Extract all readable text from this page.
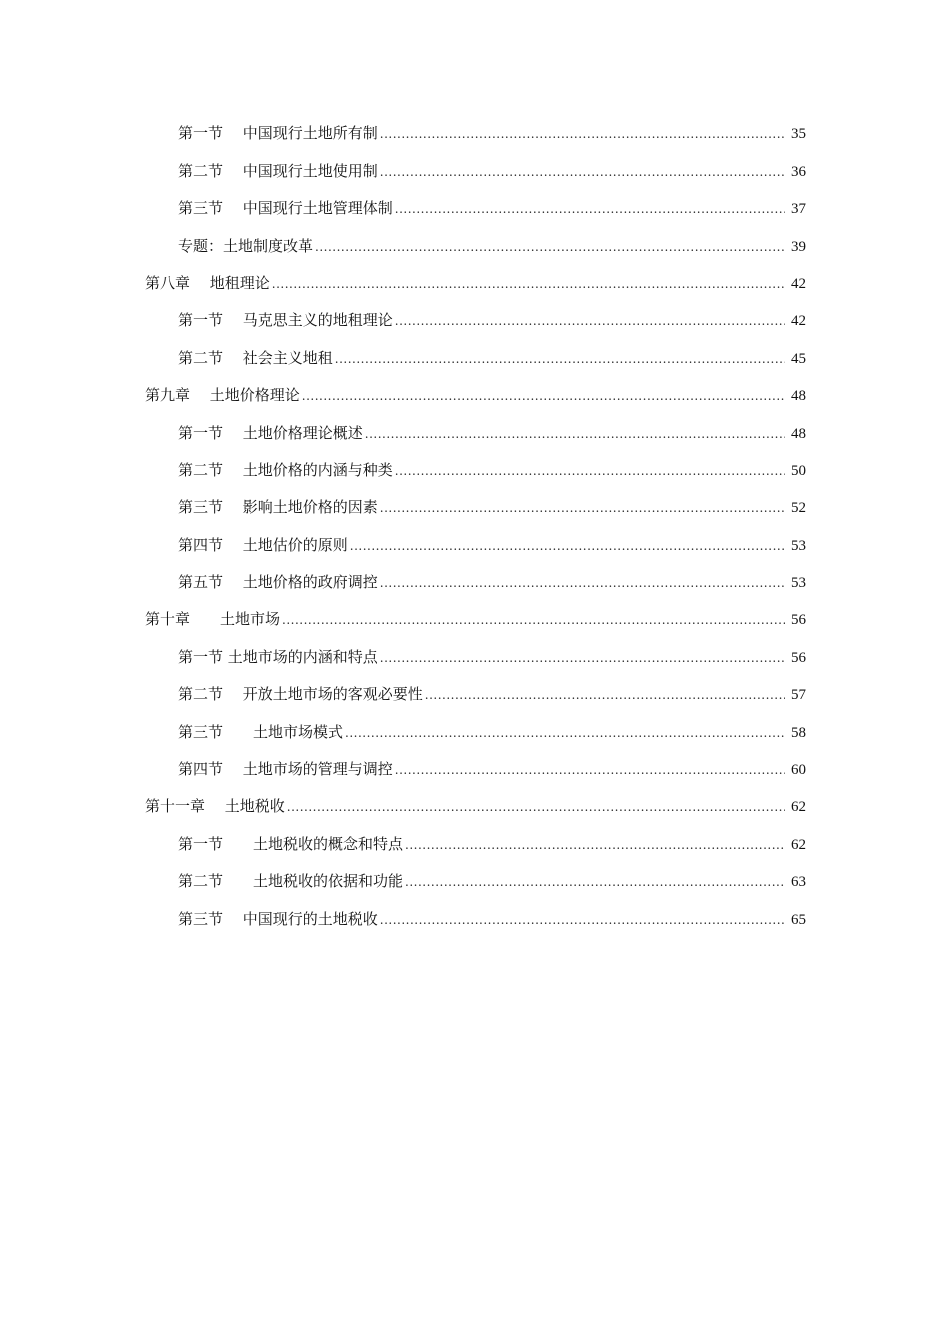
第一节　 中国现行土地所有制 .....	35
第二节　 中国现行土地使用制 .....	36
第三节　 中国现行土地管理体制 .....	37
专题：土地制度改革 .....	39
第八章　 地租理论 .....	42
第一节　 马克思主义的地租理论 .....	42
第二节　 社会主义地租 .....	45
第九章　 土地价格理论 .....	48
第一节　 土地价格理论概述 .....	48
第二节　 土地价格的内涵与种类 .....	50
第三节　 影响土地价格的因素 .....	52
第四节　 土地估价的原则 .....	53
第五节　 土地价格的政府调控 .....	53
第十章　　土地市场 .....	56
第一节 土地市场的内涵和特点 .....	56
第二节　 开放土地市场的客观必要性 .....	57
第三节　　土地市场模式 .....	58
第四节　 土地市场的管理与调控 .....	60
第十一章　 土地税收 .....	62
第一节　　土地税收的概念和特点 .....	62
第二节　　土地税收的依据和功能 .....	63
第三节　 中国现行的土地税收 .....	65
